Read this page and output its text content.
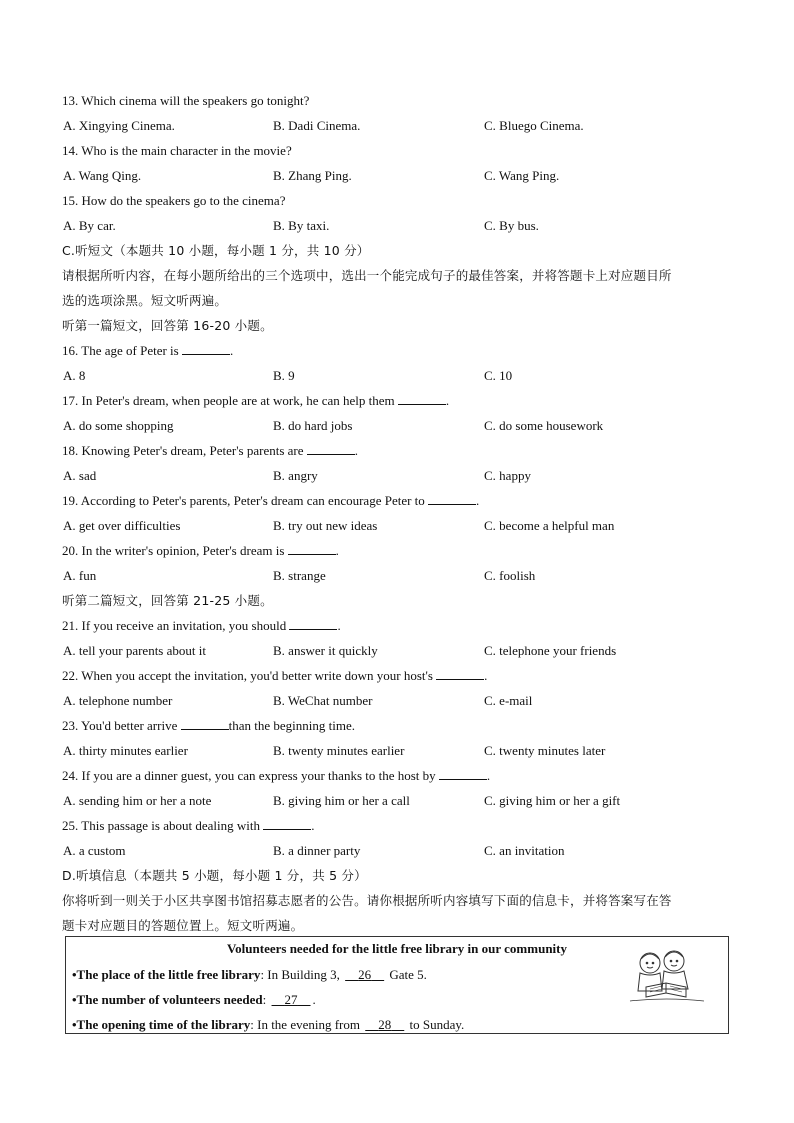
13. Which cinema will the speakers go tonight?
A. Xingying Cinema.	B. Dadi Cinema.	C. Bluego Cinema.
14. Who is the main character in the movie?
A. Wang Qing.	B. Zhang Ping.	C. Wang Ping.
15. How do the speakers go to the cinema?
A. By car.	B. By taxi.	C. By bus.
C.听短文（本题共 10 小题，每小题 1 分，共 10 分）
请根据所听内容，在每小题所给出的三个选项中，选出一个能完成句子的最佳答案，并将答题卡上对应题目所
选的选项涂黑。短文听两遍。
听第一篇短文，回答第 16-20 小题。
16. The age of Peter is	.
A. 8	B. 9	C. 10
17. In Peter's dream, when people are at work, he can help them	.
A. do some shopping	B. do hard jobs	C. do some housework
18. Knowing Peter's dream, Peter's parents are	.
A. sad	B. angry	C. happy
19. According to Peter's parents, Peter's dream can encourage Peter to	.
A. get over difficulties	B. try out new ideas	C. become a helpful man
20. In the writer's opinion, Peter's dream is	.
A. fun	B. strange	C. foolish
听第二篇短文，回答第 21-25 小题。
21. If you receive an invitation, you should	.
A. tell your parents about it	B. answer it quickly	C. telephone your friends
22. When you accept the invitation, you'd better write down your host's	.
A. telephone number	B. WeChat number	C. e-mail
23. You'd better arrive	than the beginning time.
A. thirty minutes earlier	B. twenty minutes earlier	C. twenty minutes later
24. If you are a dinner guest, you can express your thanks to the host by	.
A. sending him or her a note	B. giving him or her a call	C. giving him or her a gift
25. This passage is about dealing with	.
A. a custom	B. a dinner party	C. an invitation
D.听填信息（本题共 5 小题，每小题 1 分，共 5 分）
你将听到一则关于小区共享图书馆招募志愿者的公告。请你根据所听内容填写下面的信息卡，并将答案写在答
题卡对应题目的答题位置上。短文听两遍。
Volunteers needed for the little free library in our community
•The place of the little free library: In Building 3, 26 Gate 5.
•The number of volunteers needed: 27 .
•The opening time of the library: In the evening from 28 to Sunday.
